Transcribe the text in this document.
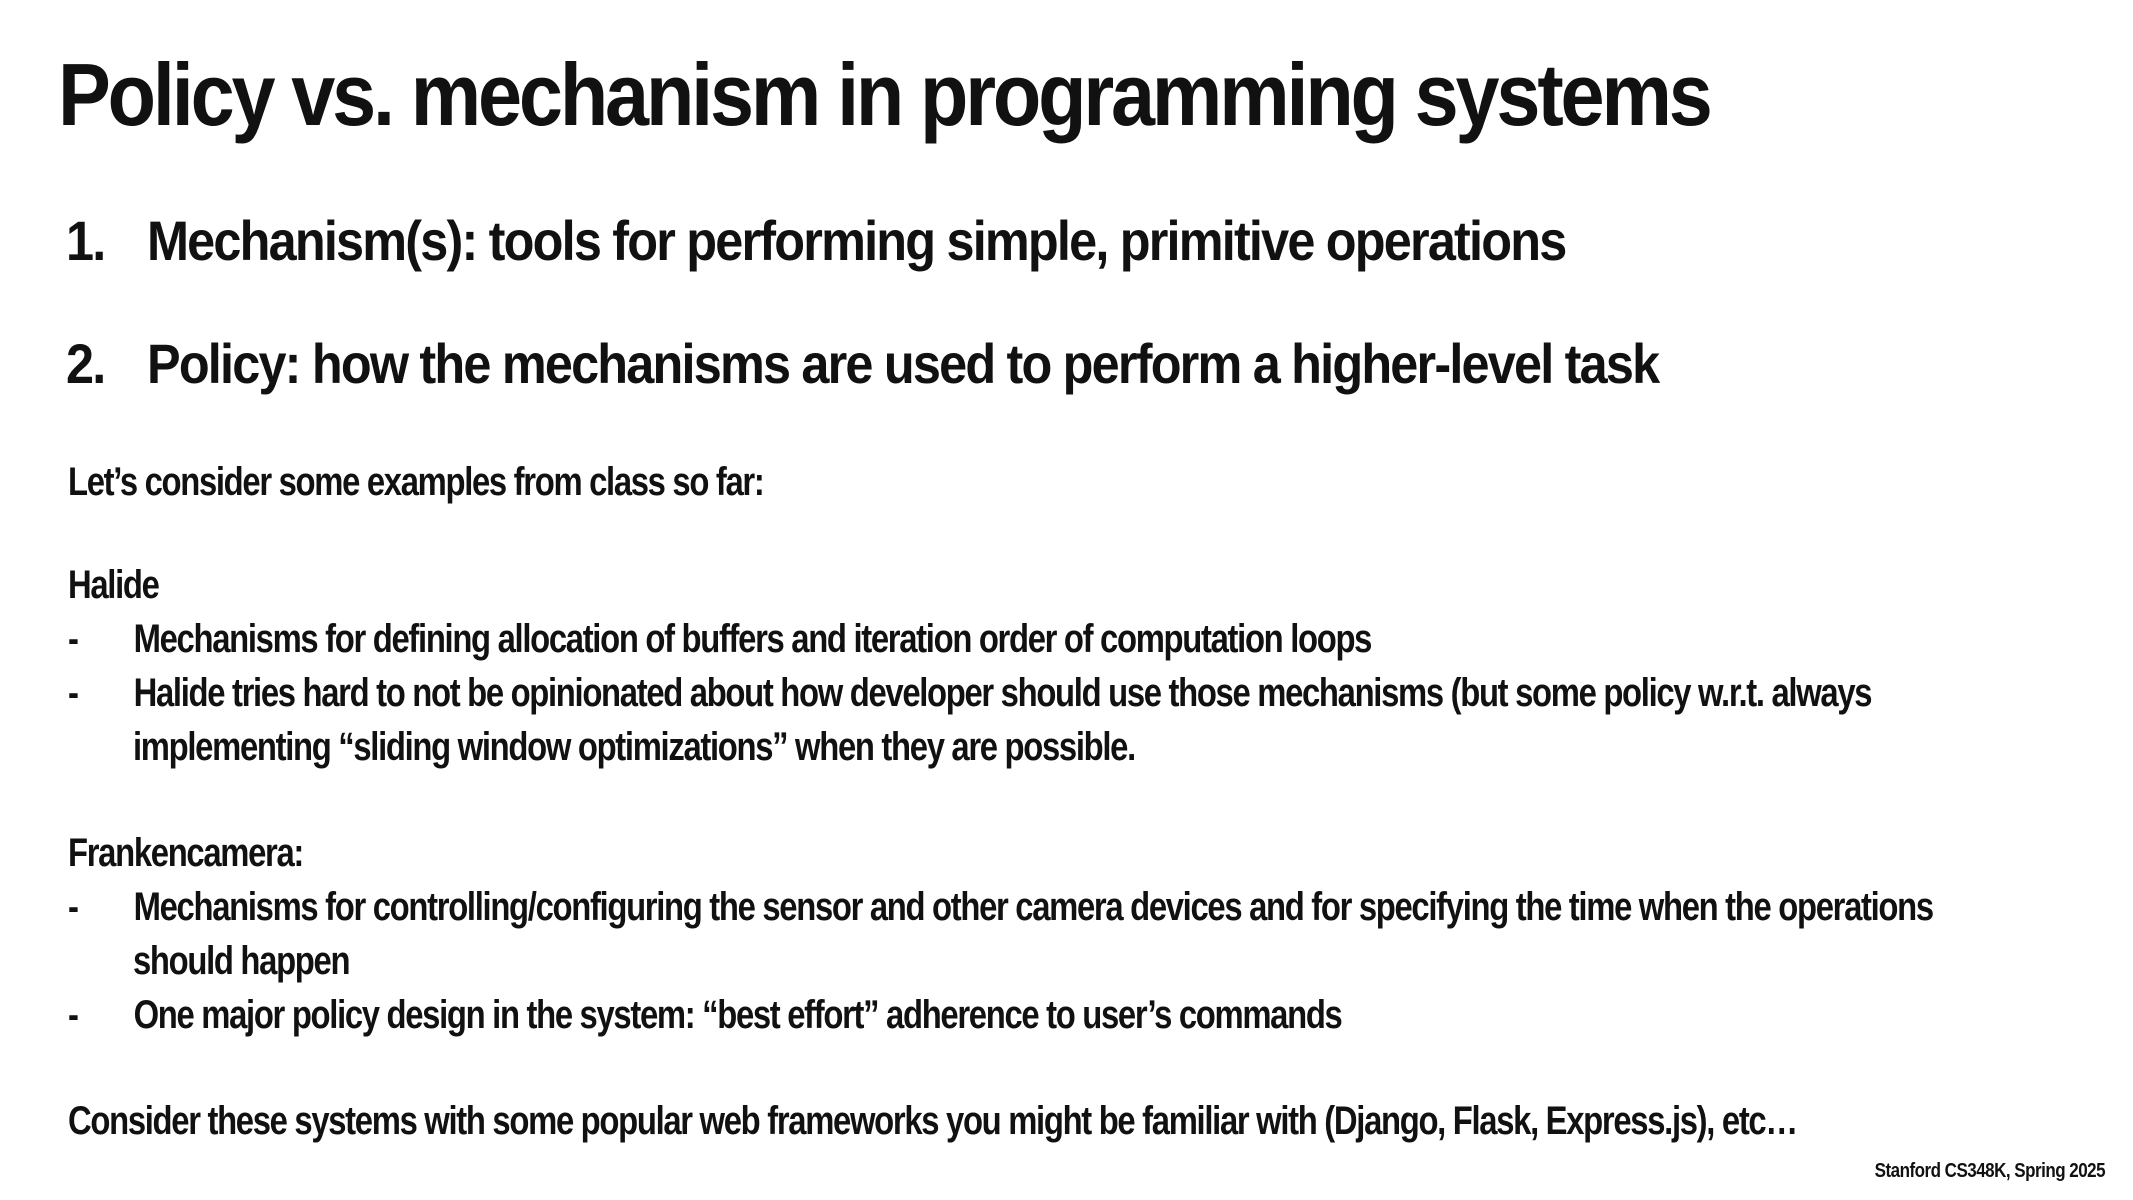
Policy vs. mechanism in programming systems
1. Mechanism(s): tools for performing simple, primitive operations
2. Policy: how the mechanisms are used to perform a higher-level task
Let’s consider some examples from class so far:
Halide
- Mechanisms for defining allocation of buffers and iteration order of computation loops
- Halide tries hard to not be opinionated about how developer should use those mechanisms (but some policy w.r.t. always
implementing “sliding window optimizations” when they are possible.
Frankencamera:
- Mechanisms for controlling/configuring the sensor and other camera devices and for specifying the time when the operations
should happen
- One major policy design in the system: “best effort” adherence to user’s commands
Consider these systems with some popular web frameworks you might be familiar with (Django, Flask, Express.js), etc…
Stanford CS348K, Spring 2025
